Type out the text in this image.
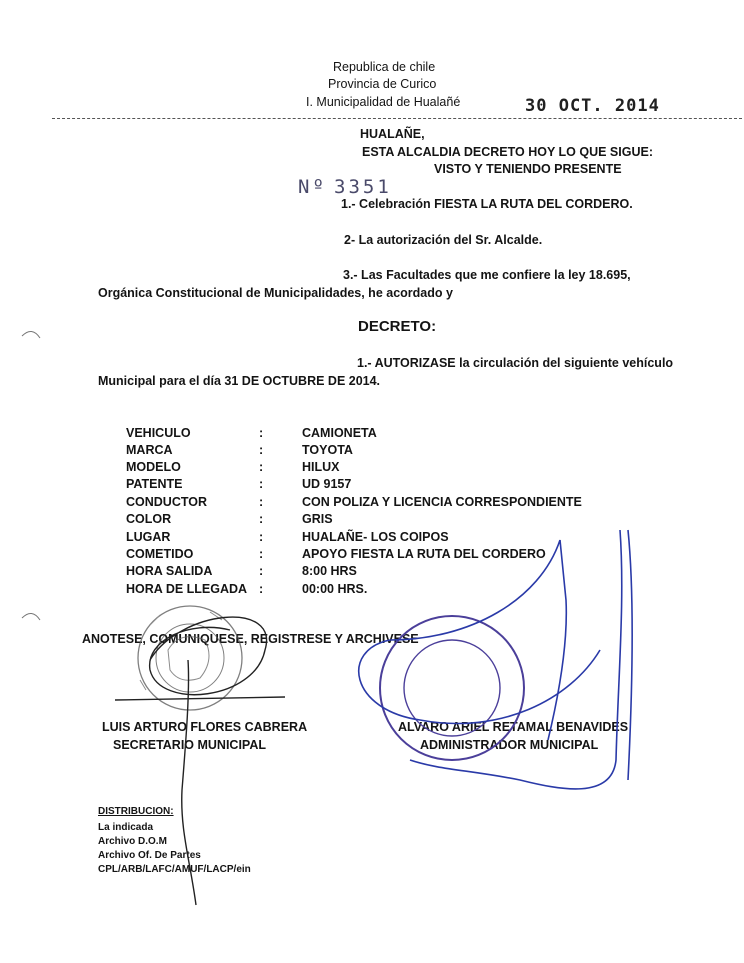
Republica de chile
Provincia de Curico
I. Municipalidad de Hualañé	30 OCT. 2014
HUALAÑE,
ESTA ALCALDIA DECRETO HOY LO QUE SIGUE:
VISTO Y TENIENDO PRESENTE
Nº 3351
1.- Celebración FIESTA LA RUTA DEL CORDERO.
2- La autorización del Sr. Alcalde.
3.- Las Facultades que me confiere la ley 18.695,
Orgánica Constitucional de Municipalidades, he acordado y
DECRETO:
1.- AUTORIZASE la circulación del siguiente vehículo
Municipal para el día 31 DE OCTUBRE DE 2014.
VEHICULO	:	CAMIONETA
MARCA	:	TOYOTA
MODELO	:	HILUX
PATENTE	:	UD 9157
CONDUCTOR	:	CON POLIZA Y LICENCIA CORRESPONDIENTE
COLOR	:	GRIS
LUGAR	:	HUALAÑE- LOS COIPOS
COMETIDO	:	APOYO FIESTA LA RUTA DEL CORDERO
HORA SALIDA	:	8:00 HRS
HORA DE LLEGADA :	00:00 HRS.
ANOTESE, COMUNIQUESE, REGISTRESE Y ARCHIVESE
LUIS ARTURO FLORES CABRERA
SECRETARIO MUNICIPAL
ALVARO ARIEL RETAMAL BENAVIDES
ADMINISTRADOR MUNICIPAL
DISTRIBUCION:
La indicada
Archivo D.O.M
Archivo Of. De Partes
CPL/ARB/LAFC/AMUF/LACP/ein
